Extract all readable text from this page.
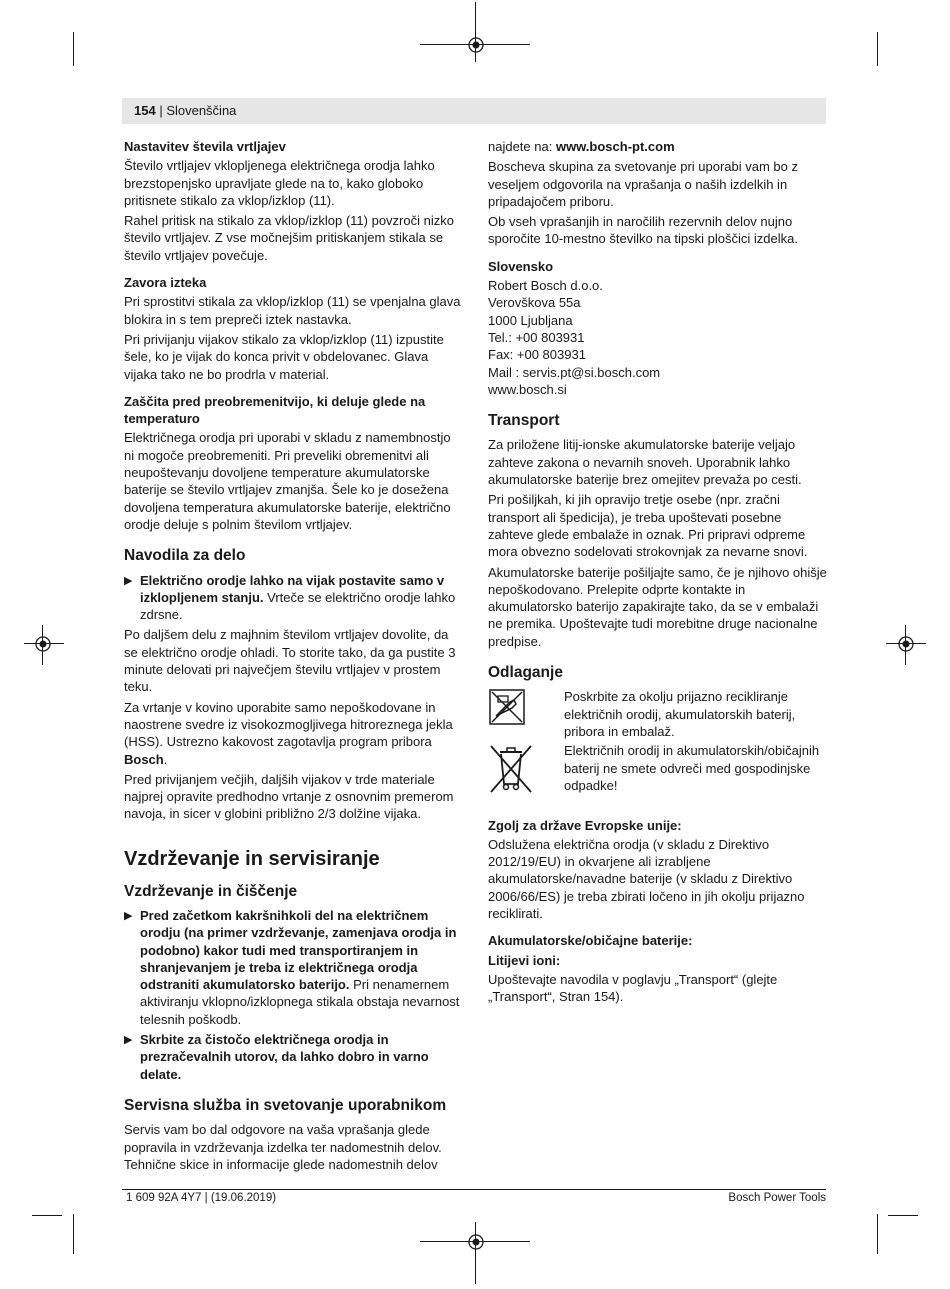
154 | Slovenščina
Nastavitev števila vrtljajev

Število vrtljajev vklopljenega električnega orodja lahko brezstopenjsko upravljate glede na to, kako globoko pritisnete stikalo za vklop/izklop (11).

Rahel pritisk na stikalo za vklop/izklop (11) povzroči nizko število vrtljajev. Z vse močnejšim pritiskanjem stikala se število vrtljajev povečuje.

Zavora izteka

Pri sprostitvi stikala za vklop/izklop (11) se vpenjalna glava blokira in s tem prepreči iztek nastavka.

Pri privijanju vijakov stikalo za vklop/izklop (11) izpustite šele, ko je vijak do konca privit v obdelovanec. Glava vijaka tako ne bo prodrla v material.

Zaščita pred preobremenitvijo, ki deluje glede na temperaturo

Električnega orodja pri uporabi v skladu z namembnostjo ni mogoče preobremeniti. Pri preveliki obremenitvi ali neupoštevanju dovoljene temperature akumulatorske baterije se število vrtljajev zmanjša. Šele ko je dosežena dovoljena temperatura akumulatorske baterije, električno orodje deluje s polnim številom vrtljajev.

Navodila za delo
▶ Električno orodje lahko na vijak postavite samo v izklopljenem stanju. Vrteče se električno orodje lahko zdrsne.

Po daljšem delu z majhnim številom vrtljajev dovolite, da se električno orodje ohladi. To storite tako, da ga pustite 3 minute delovati pri največjem številu vrtljajev v prostem teku.

Za vrtanje v kovino uporabite samo nepoškodovane in naostrene svedre iz visokozmogljivega hitroreznega jekla (HSS). Ustrezno kakovost zagotavlja program pribora Bosch.

Pred privijanjem večjih, daljših vijakov v trde materiale najprej opravite predhodno vrtanje z osnovnim premerom navoja, in sicer v globini približno 2/3 dolžine vijaka.

Vzdrževanje in servisiranje
Vzdrževanje in čiščenje
▶ Pred začetkom kakršnihkoli del na električnem orodju (na primer vzdrževanje, zamenjava orodja in podobno) kakor tudi med transportiranjem in shranjevanjem je treba iz električnega orodja odstraniti akumulatorsko baterijo. Pri nenamernem aktiviranju vklopno/izklopnega stikala obstaja nevarnost telesnih poškodb.
▶ Skrbite za čistočo električnega orodja in prezračevalnih utorov, da lahko dobro in varno delate.
Servisna služba in svetovanje uporabnikom

Servis vam bo dal odgovore na vaša vprašanja glede popravila in vzdrževanja izdelka ter nadomestnih delov. Tehnične skice in informacije glede nadomestnih delov

najdete na: www.bosch-pt.com

Boscheva skupina za svetovanje pri uporabi vam bo z veseljem odgovorila na vprašanja o naših izdelkih in pripadajočem priboru.

Ob vseh vprašanjih in naročilih rezervnih delov nujno sporočite 10-mestno številko na tipski ploščici izdelka.

Slovensko
Robert Bosch d.o.o.
Verovškova 55a
1000 Ljubljana
Tel.: +00 803931
Fax: +00 803931
Mail : servis.pt@si.bosch.com
www.bosch.si
Transport

Za priložene litij-ionske akumulatorske baterije veljajo zahteve zakona o nevarnih snoveh. Uporabnik lahko akumulatorske baterije brez omejitev prevaža po cesti.

Pri pošiljkah, ki jih opravijo tretje osebe (npr. zračni transport ali špedicija), je treba upoštevati posebne zahteve glede embalaže in oznak. Pri pripravi odpreme mora obvezno sodelovati strokovnjak za nevarne snovi.

Akumulatorske baterije pošiljajte samo, če je njihovo ohišje nepoškodovano. Prelepite odprte kontakte in akumulatorsko baterijo zapakirajte tako, da se v embalaži ne premika. Upoštevajte tudi morebitne druge nacionalne predpise.

Odlaganje
Poskrbite za okolju prijazno recikliranje električnih orodij, akumulatorskih baterij, pribora in embalaž.
Električnih orodij in akumulatorskih/običajnih baterij ne smete odvreči med gospodinjske odpadke!
Zgolj za države Evropske unije:

Odslužena električna orodja (v skladu z Direktivo 2012/19/EU) in okvarjene ali izrabljene akumulatorske/navadne baterije (v skladu z Direktivo 2006/66/ES) je treba zbirati ločeno in jih okolju prijazno reciklirati.

Akumulatorske/običajne baterije:
Litijevi ioni:

Upoštevajte navodila v poglavju „Transport“ (glejte „Transport“, Stran 154).

1 609 92A 4Y7 | (19.06.2019)	Bosch Power Tools
